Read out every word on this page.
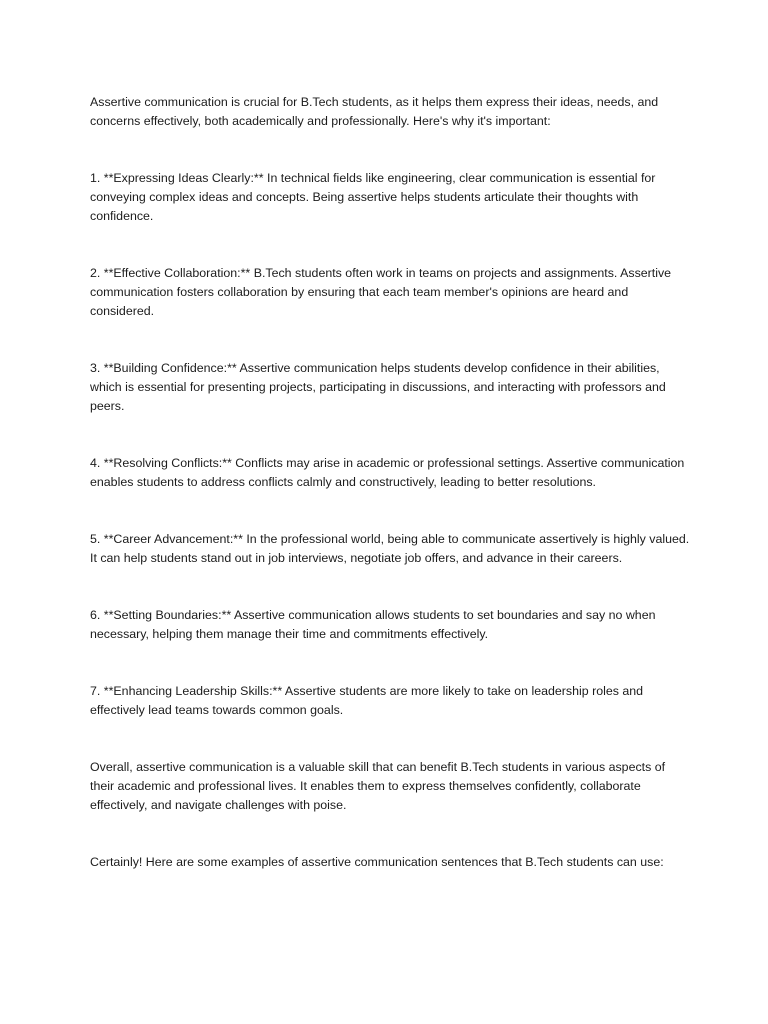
Assertive communication is crucial for B.Tech students, as it helps them express their ideas, needs, and concerns effectively, both academically and professionally. Here's why it's important:

1. **Expressing Ideas Clearly:** In technical fields like engineering, clear communication is essential for conveying complex ideas and concepts. Being assertive helps students articulate their thoughts with confidence.

2. **Effective Collaboration:** B.Tech students often work in teams on projects and assignments. Assertive communication fosters collaboration by ensuring that each team member's opinions are heard and considered.

3. **Building Confidence:** Assertive communication helps students develop confidence in their abilities, which is essential for presenting projects, participating in discussions, and interacting with professors and peers.

4. **Resolving Conflicts:** Conflicts may arise in academic or professional settings. Assertive communication enables students to address conflicts calmly and constructively, leading to better resolutions.

5. **Career Advancement:** In the professional world, being able to communicate assertively is highly valued. It can help students stand out in job interviews, negotiate job offers, and advance in their careers.

6. **Setting Boundaries:** Assertive communication allows students to set boundaries and say no when necessary, helping them manage their time and commitments effectively.

7. **Enhancing Leadership Skills:** Assertive students are more likely to take on leadership roles and effectively lead teams towards common goals.

Overall, assertive communication is a valuable skill that can benefit B.Tech students in various aspects of their academic and professional lives. It enables them to express themselves confidently, collaborate effectively, and navigate challenges with poise.

Certainly! Here are some examples of assertive communication sentences that B.Tech students can use:
